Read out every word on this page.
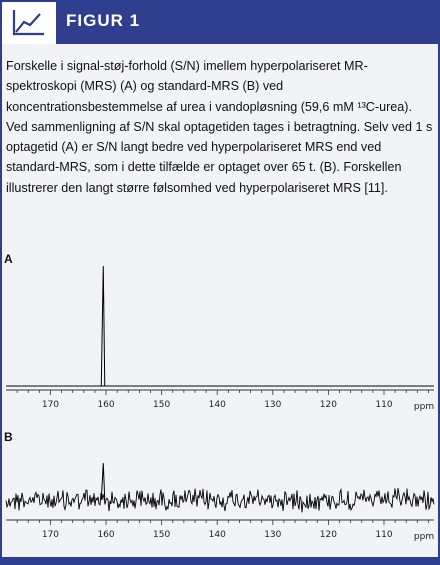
FIGUR 1

Forskelle i signal-støj-forhold (S/N) imellem hyperpolariseret MR-spektroskopi (MRS) (A) og standard-MRS (B) ved koncentrationsbestemmelse af urea i vandopløsning (59,6 mM ¹³C-urea). Ved sammenligning af S/N skal optagetiden tages i betragtning. Selv ved 1 s optagetid (A) er S/N langt bedre ved hyperpolariseret MRS end ved standard-MRS, som i dette tilfælde er optaget over 65 t. (B). Forskellen illustrerer den langt større følsomhed ved hyperpolariseret MRS [11].

A
170	160	150	140	130	120	110 ppm
B
170	160	150	140	130	120	110 ppm
